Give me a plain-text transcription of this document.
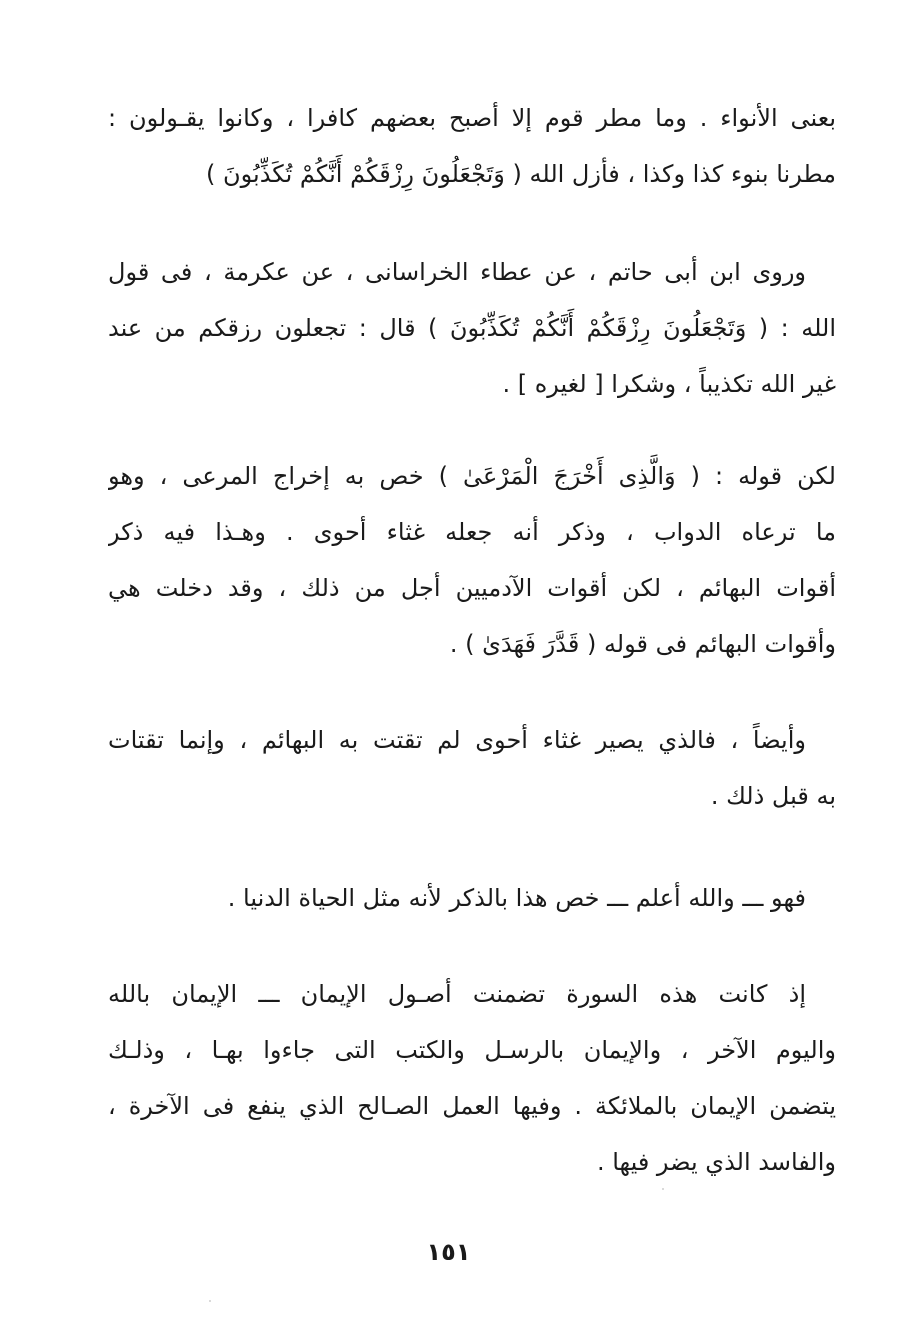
بعنى الأنواء . وما مطر قوم إلا أصبح بعضهم كافرا ، وكانوا يقـولون :
مطرنا بنوء كذا وكذا ، فأزل الله ( وَتَجْعَلُونَ رِزْقَكُمْ أَنَّكُمْ تُكَذِّبُونَ )
وروى ابن أبى حاتم ، عن عطاء الخراسانى ، عن عكرمة ، فى قول
الله : ( وَتَجْعَلُونَ رِزْقَكُمْ أَنَّكُمْ تُكَذِّبُونَ ) قال : تجعلون رزقكم من عند
غير الله تكذيباً ، وشكرا [ لغيره ] .
لكن قوله : ( وَالَّذِى أَخْرَجَ الْمَرْعَىٰ ) خص به إخراج المرعى ، وهو
ما ترعاه الدواب ، وذكر أنه جعله غثاء أحوى . وهـذا فيه ذكر
أقوات البهائم ، لكن أقوات الآدميين أجل من ذلك ، وقد دخلت هي
وأقوات البهائم فى قوله ( قَدَّرَ فَهَدَىٰ ) .
وأيضاً ، فالذي يصير غثاء أحوى لم تقتت به البهائم ، وإنما تقتات
به قبل ذلك .
فهو ـــ والله أعلم ـــ خص هذا بالذكر لأنه مثل الحياة الدنيا .
إذ كانت هذه السورة تضمنت أصـول الإيمان ـــ الإيمان بالله
واليوم الآخر ، والإيمان بالرسـل والكتب التى جاءوا بهـا ، وذلـك
يتضمن الإيمان بالملائكة . وفيها العمل الصـالح الذي ينفع فى الآخرة ،
والفاسد الذي يضر فيها .
١٥١
